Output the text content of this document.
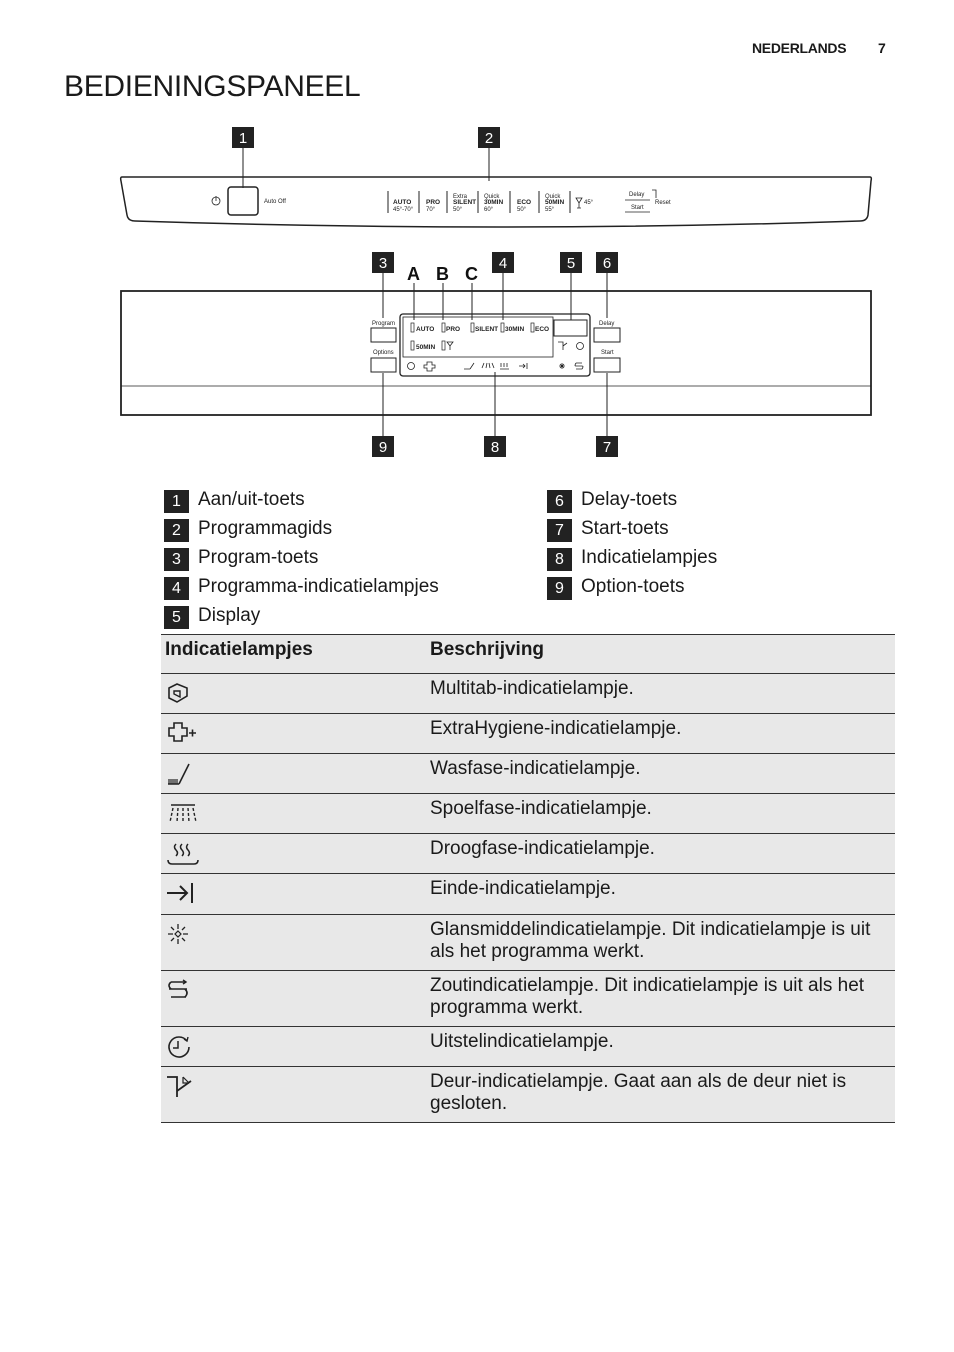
NEDERLANDS 7
BEDIENINGSPANEEL
1
Auto Off
2
AUTO
45°-70°
PRO
70°
Extra
SILENT
50°
Quick
30MIN
60°
ECO
50°
Quick
50MIN
55°
45°
Delay
Start
Reset
3
A B C
4	5 6
Program
Options
Delay
Start
AUTO PRO SILENT 30MIN ECO
50MIN
9	8	7
1 Aan/uit-toets
2 Programmagids
3 Program-toets
4 Programma-indicatielampjes
5 Display
6 Delay-toets
7 Start-toets
8 Indicatielampjes
9 Option-toets
Indicatielampjes	Beschrijving

	Multitab-indicatielampje.

	ExtraHygiene-indicatielampje.

	Wasfase-indicatielampje.

	Spoelfase-indicatielampje.

	Droogfase-indicatielampje.

	Einde-indicatielampje.

	Glansmiddelindicatielampje. Dit indicatielampje is uit als het programma werkt.

	Zoutindicatielampje. Dit indicatielampje is uit als het programma werkt.

	Uitstelindicatielampje.

	Deur-indicatielampje. Gaat aan als de deur niet is gesloten.
